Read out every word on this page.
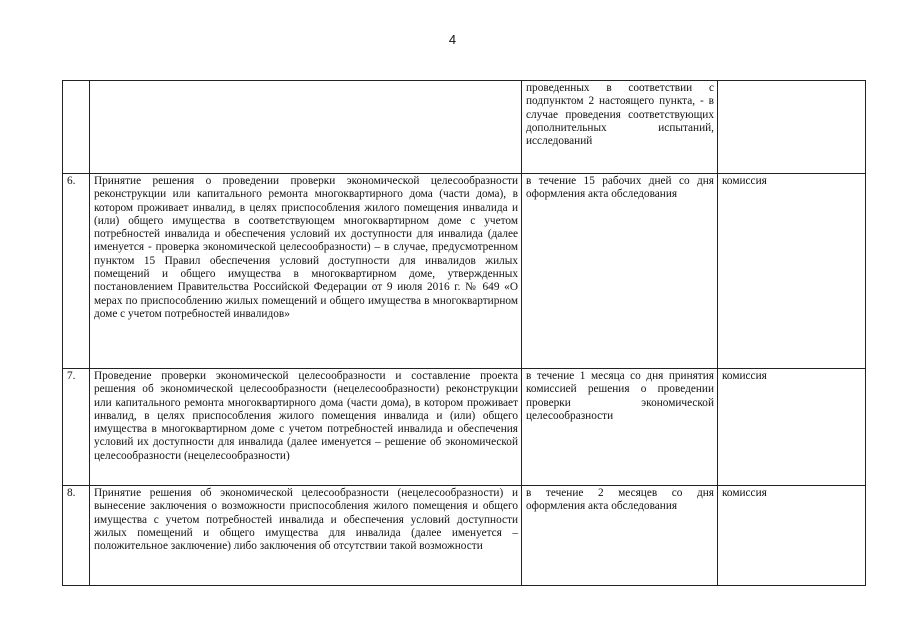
4
		проведенных в соответствии с подпунктом 2 настоящего пункта, - в случае проведения соответствующих дополнительных испытаний, исследований	
6.	Принятие решения о проведении проверки экономической целесообразности реконструкции или капитального ремонта многоквартирного дома (части дома), в котором проживает инвалид, в целях приспособления жилого помещения инвалида и (или) общего имущества в соответствующем многоквартирном доме с учетом потребностей инвалида и обеспечения условий их доступности для инвалида (далее именуется - проверка экономической целесообразности) – в случае, предусмотренном пунктом 15 Правил обеспечения условий доступности для инвалидов жилых помещений и общего имущества в многоквартирном доме, утвержденных постановлением Правительства Российской Федерации от 9 июля 2016 г. № 649 «О мерах по приспособлению жилых помещений и общего имущества в многоквартирном доме с учетом потребностей инвалидов»	в течение 15 рабочих дней со дня оформления акта обследования	комиссия
7.	Проведение проверки экономической целесообразности и составление проекта решения об экономической целесообразности (нецелесообразности) реконструкции или капитального ремонта многоквартирного дома (части дома), в котором проживает инвалид, в целях приспособления жилого помещения инвалида и (или) общего имущества в многоквартирном доме с учетом потребностей инвалида и обеспечения условий их доступности для инвалида (далее именуется – решение об экономической целесообразности (нецелесообразности)	в течение 1 месяца со дня принятия комиссией решения о проведении проверки экономической целесообразности	комиссия
8.	Принятие решения об экономической целесообразности (нецелесообразности) и вынесение заключения о возможности приспособления жилого помещения и общего имущества с учетом потребностей инвалида и обеспечения условий доступности жилых помещений и общего имущества для инвалида (далее именуется – положительное заключение) либо заключения об отсутствии такой возможности	в течение 2 месяцев со дня оформления акта обследования	комиссия
